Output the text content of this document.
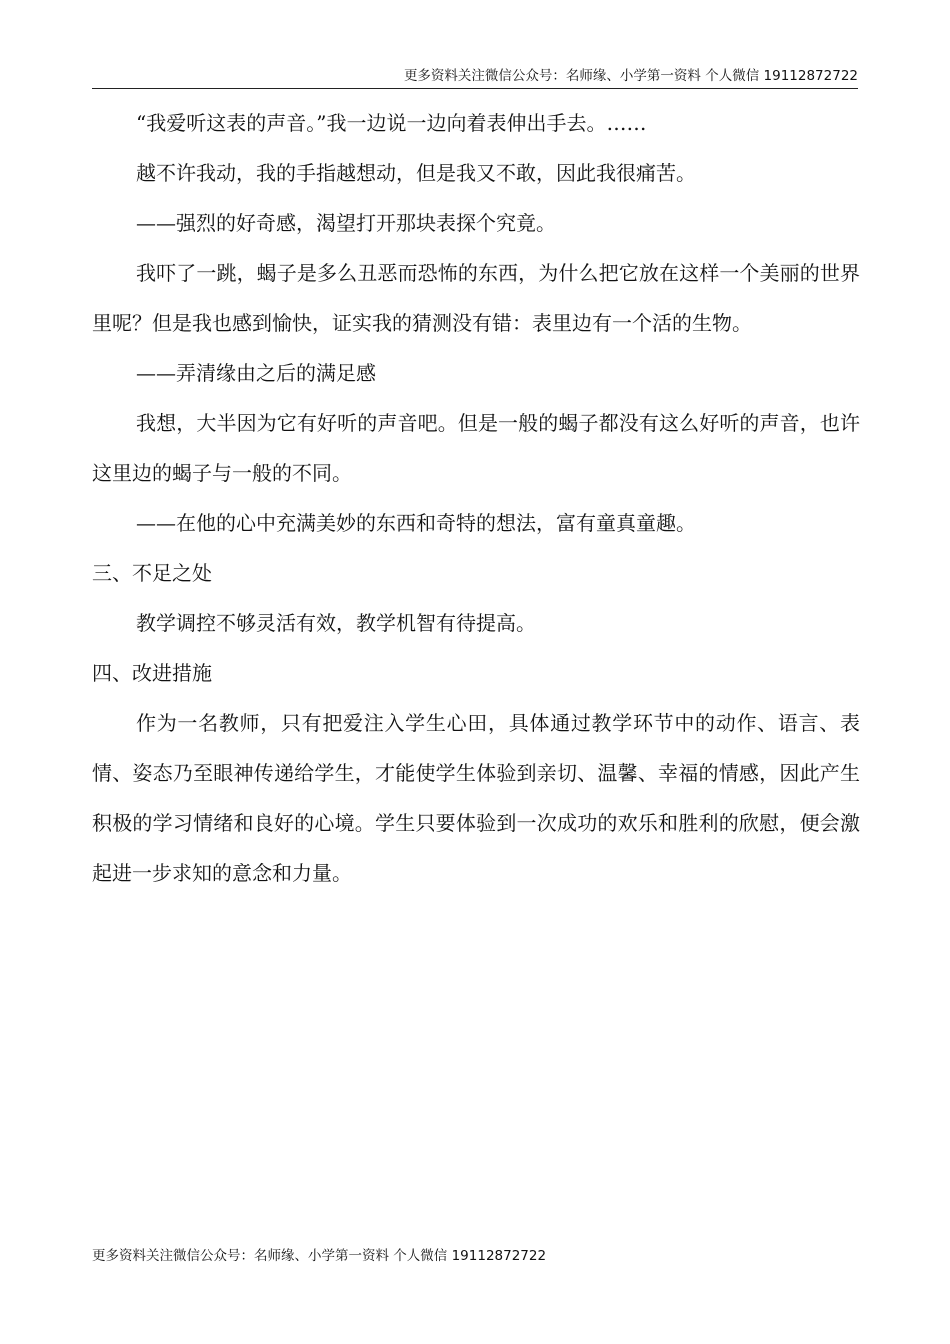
更多资料关注微信公众号：名师缘、小学第一资料 个人微信 19112872722

“我爱听这表的声音。”我一边说一边向着表伸出手去。……

越不许我动，我的手指越想动，但是我又不敢，因此我很痛苦。

——强烈的好奇感，渴望打开那块表探个究竟。

我吓了一跳，蝎子是多么丑恶而恐怖的东西，为什么把它放在这样一个美丽的世界里呢？但是我也感到愉快，证实我的猜测没有错：表里边有一个活的生物。

——弄清缘由之后的满足感

我想，大半因为它有好听的声音吧。但是一般的蝎子都没有这么好听的声音，也许这里边的蝎子与一般的不同。

——在他的心中充满美妙的东西和奇特的想法，富有童真童趣。

三、不足之处

教学调控不够灵活有效，教学机智有待提高。

四、改进措施

作为一名教师，只有把爱注入学生心田，具体通过教学环节中的动作、语言、表情、姿态乃至眼神传递给学生，才能使学生体验到亲切、温馨、幸福的情感，因此产生积极的学习情绪和良好的心境。学生只要体验到一次成功的欢乐和胜利的欣慰，便会激起进一步求知的意念和力量。

更多资料关注微信公众号：名师缘、小学第一资料 个人微信 19112872722
